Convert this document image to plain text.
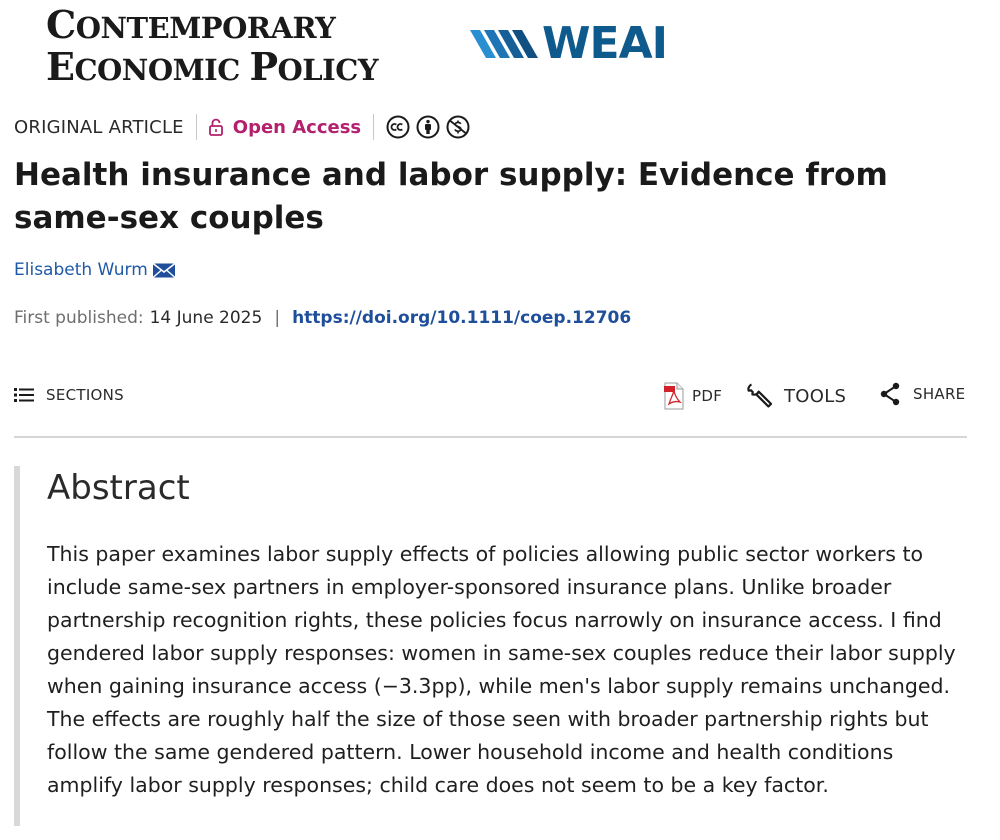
CONTEMPORARY
ECONOMIC POLICY
WEAI
ORIGINAL ARTICLE	Open Access
Health insurance and labor supply: Evidence from same-sex couples
Elisabeth Wurm
First published: 14 June 2025 | https://doi.org/10.1111/coep.12706
SECTIONS	PDF	TOOLS	SHARE
Abstract

This paper examines labor supply effects of policies allowing public sector workers to include same-sex partners in employer-sponsored insurance plans. Unlike broader partnership recognition rights, these policies focus narrowly on insurance access. I find gendered labor supply responses: women in same-sex couples reduce their labor supply when gaining insurance access (−3.3pp), while men's labor supply remains unchanged. The effects are roughly half the size of those seen with broader partnership rights but follow the same gendered pattern. Lower household income and health conditions amplify labor supply responses; child care does not seem to be a key factor.
